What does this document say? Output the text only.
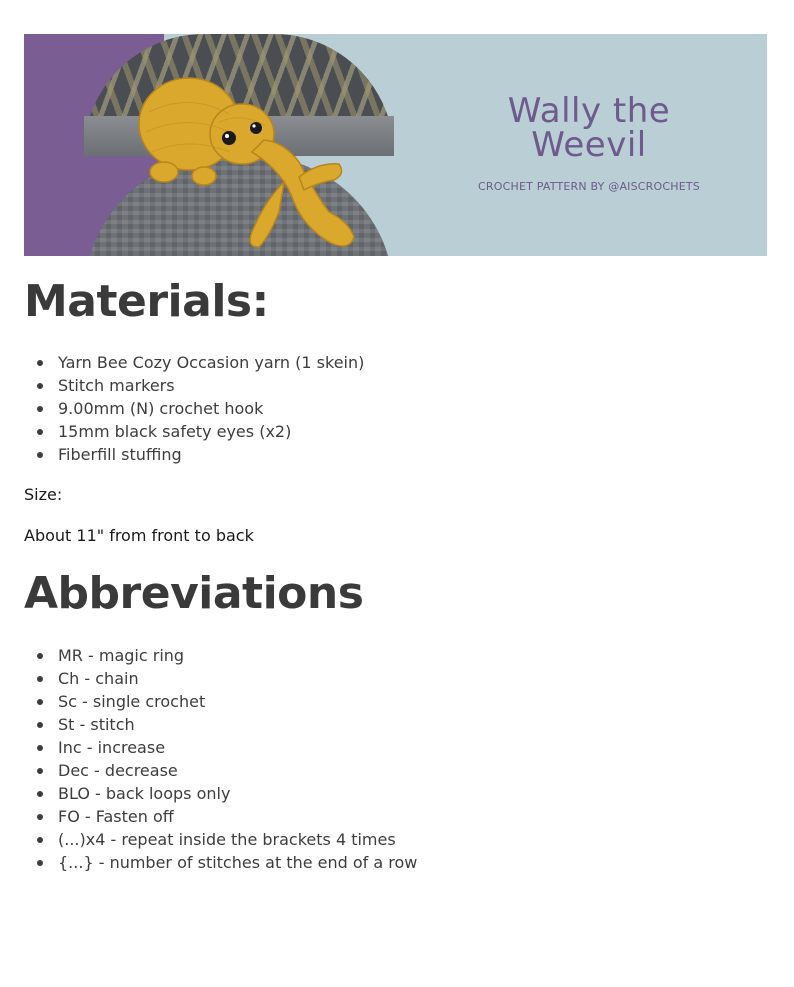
Wally the
Weevil
CROCHET PATTERN BY @AISCROCHETS
Materials:
Yarn Bee Cozy Occasion yarn (1 skein)
Stitch markers
9.00mm (N) crochet hook
15mm black safety eyes (x2)
Fiberfill stuffing

Size:

About 11" from front to back

Abbreviations
MR - magic ring
Ch - chain
Sc - single crochet
St - stitch
Inc - increase
Dec - decrease
BLO - back loops only
FO - Fasten off
(...)x4 - repeat inside the brackets 4 times
{...} - number of stitches at the end of a row
